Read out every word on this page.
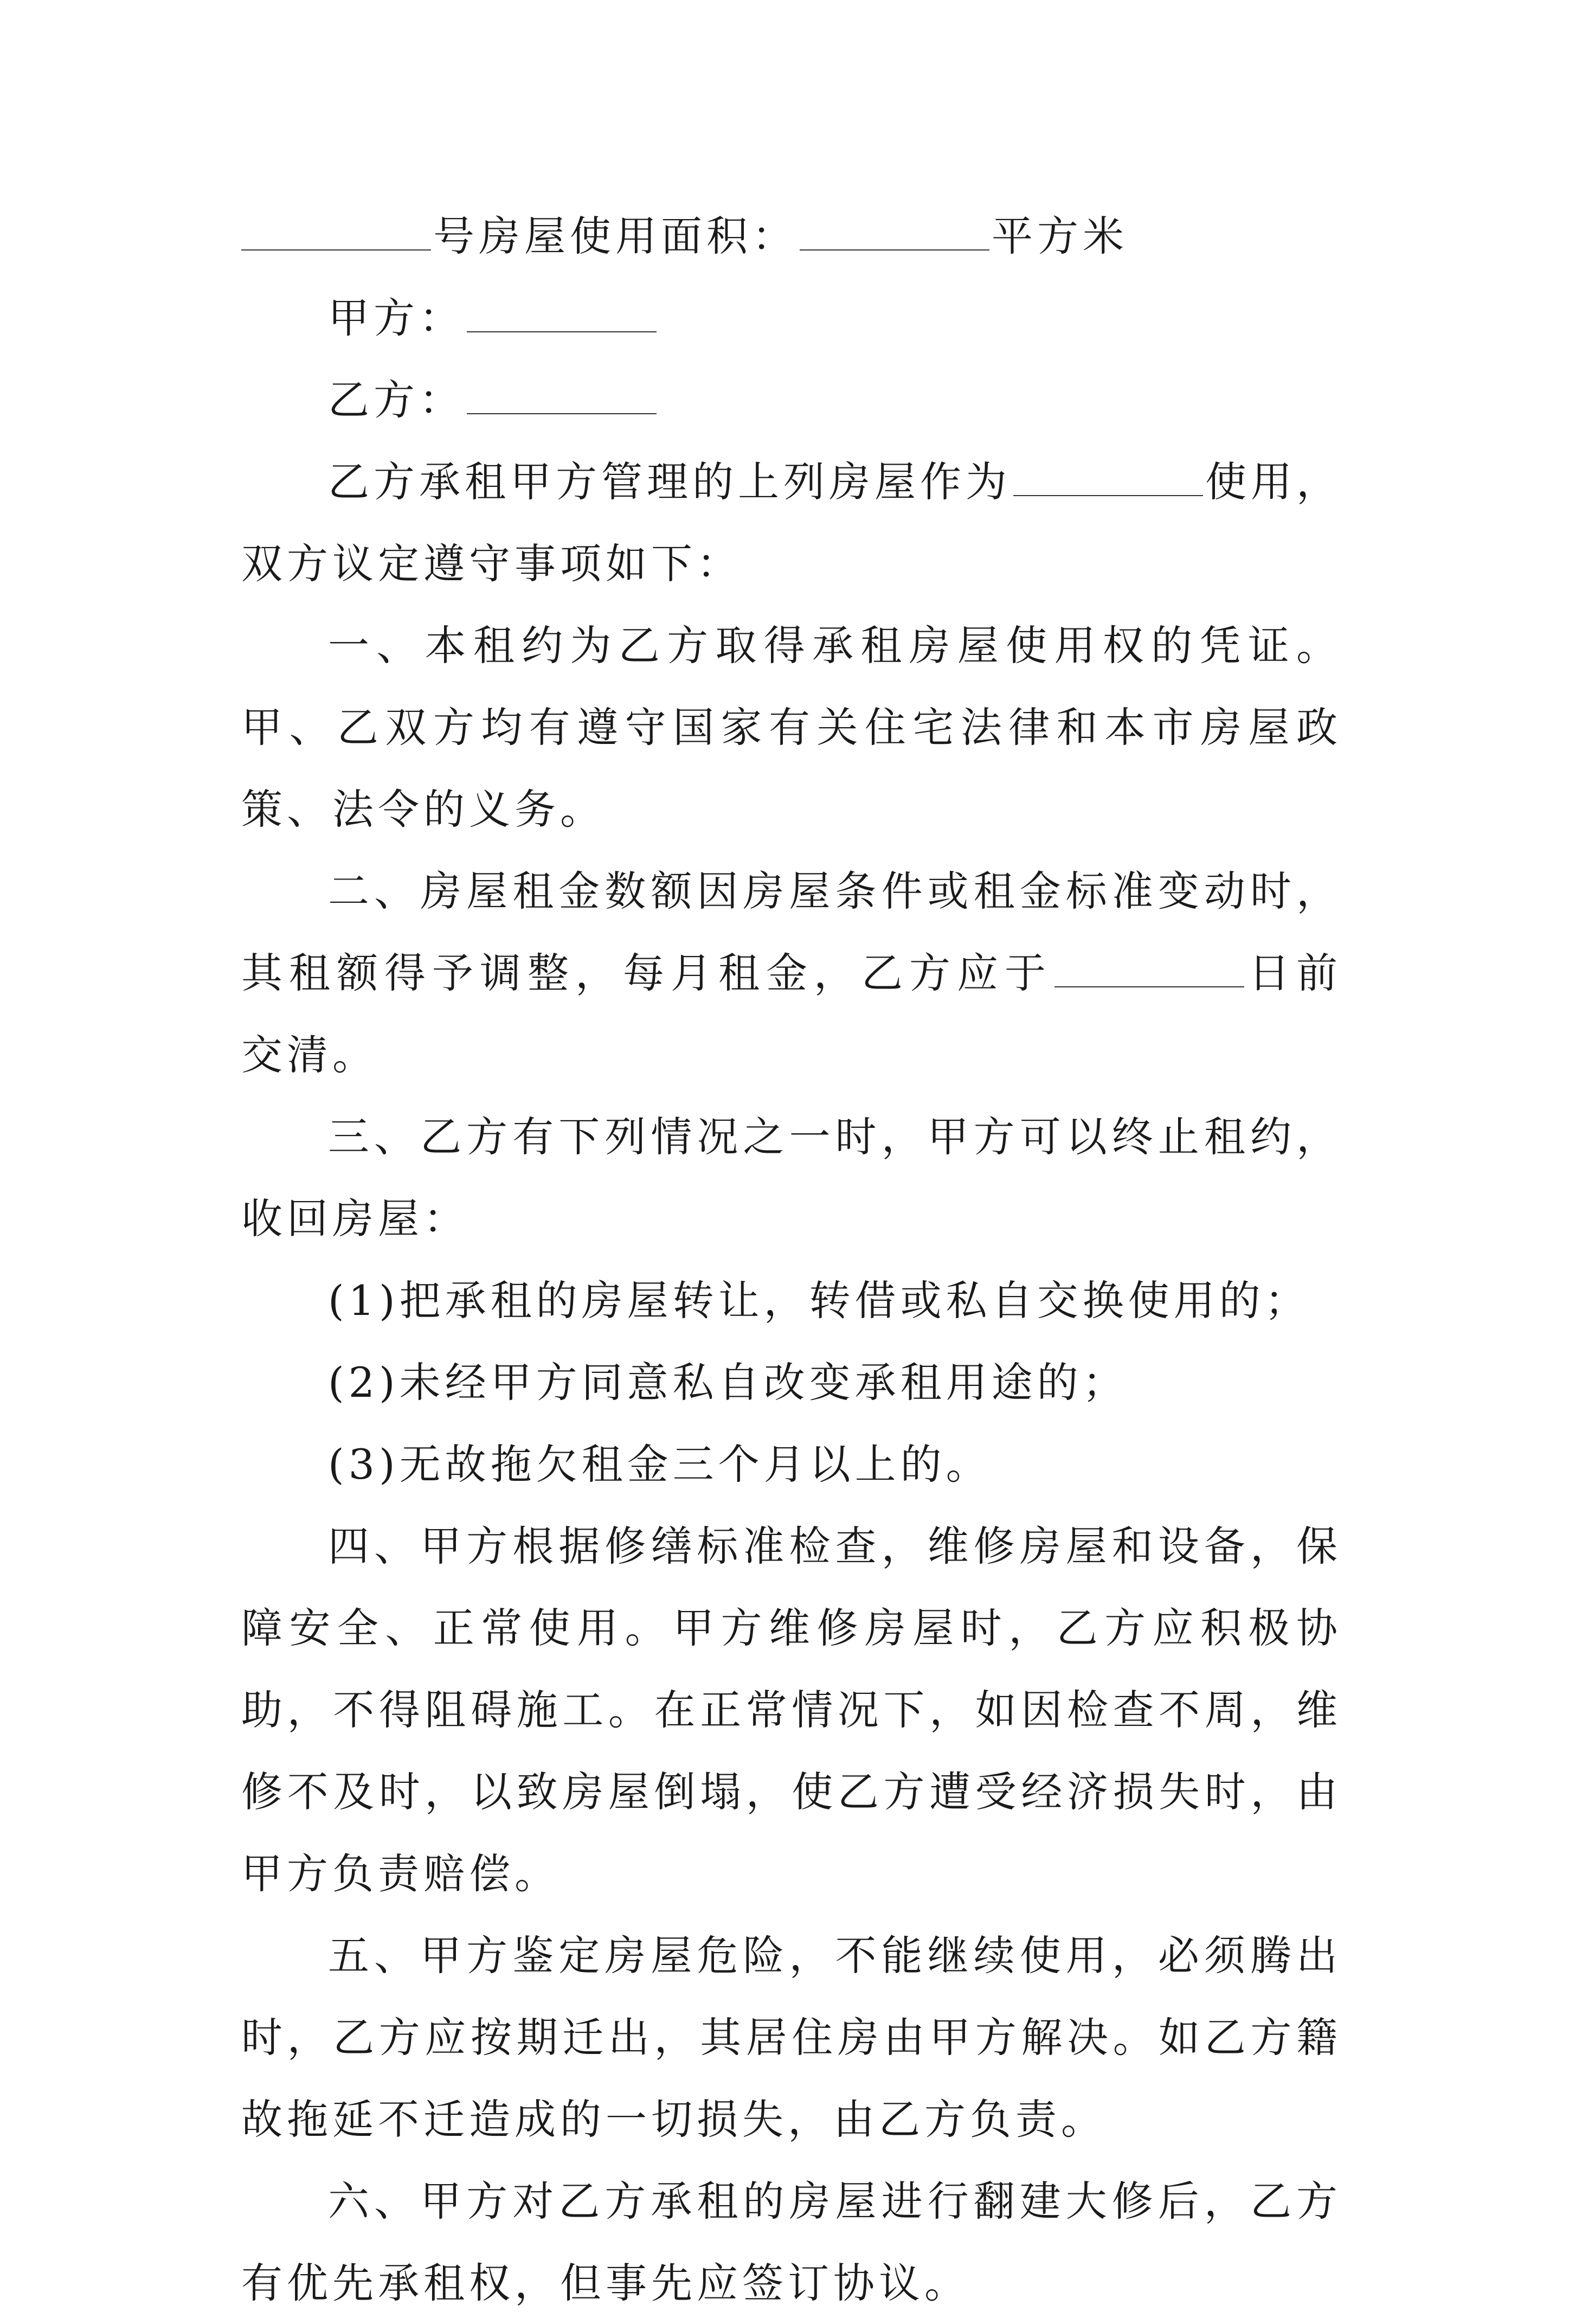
号房屋使用面积：	平方米
甲方：
乙方：

乙方承租甲方管理的上列房屋作为	使用，双方议定遵守事项如下：

一、本租约为乙方取得承租房屋使用权的凭证。甲、乙双方均有遵守国家有关住宅法律和本市房屋政策、法令的义务。

二、房屋租金数额因房屋条件或租金标准变动时，其租额得予调整，每月租金，乙方应于	日前交清。

三、乙方有下列情况之一时，甲方可以终止租约，收回房屋：

(1)把承租的房屋转让，转借或私自交换使用的；
(2)未经甲方同意私自改变承租用途的；
(3)无故拖欠租金三个月以上的。

四、甲方根据修缮标准检查，维修房屋和设备，保障安全、正常使用。甲方维修房屋时，乙方应积极协助，不得阻碍施工。在正常情况下，如因检查不周，维修不及时，以致房屋倒塌，使乙方遭受经济损失时，由甲方负责赔偿。

五、甲方鉴定房屋危险，不能继续使用，必须腾出时，乙方应按期迁出，其居住房由甲方解决。如乙方籍故拖延不迁造成的一切损失，由乙方负责。

六、甲方对乙方承租的房屋进行翻建大修后，乙方有优先承租权，但事先应签订协议。
